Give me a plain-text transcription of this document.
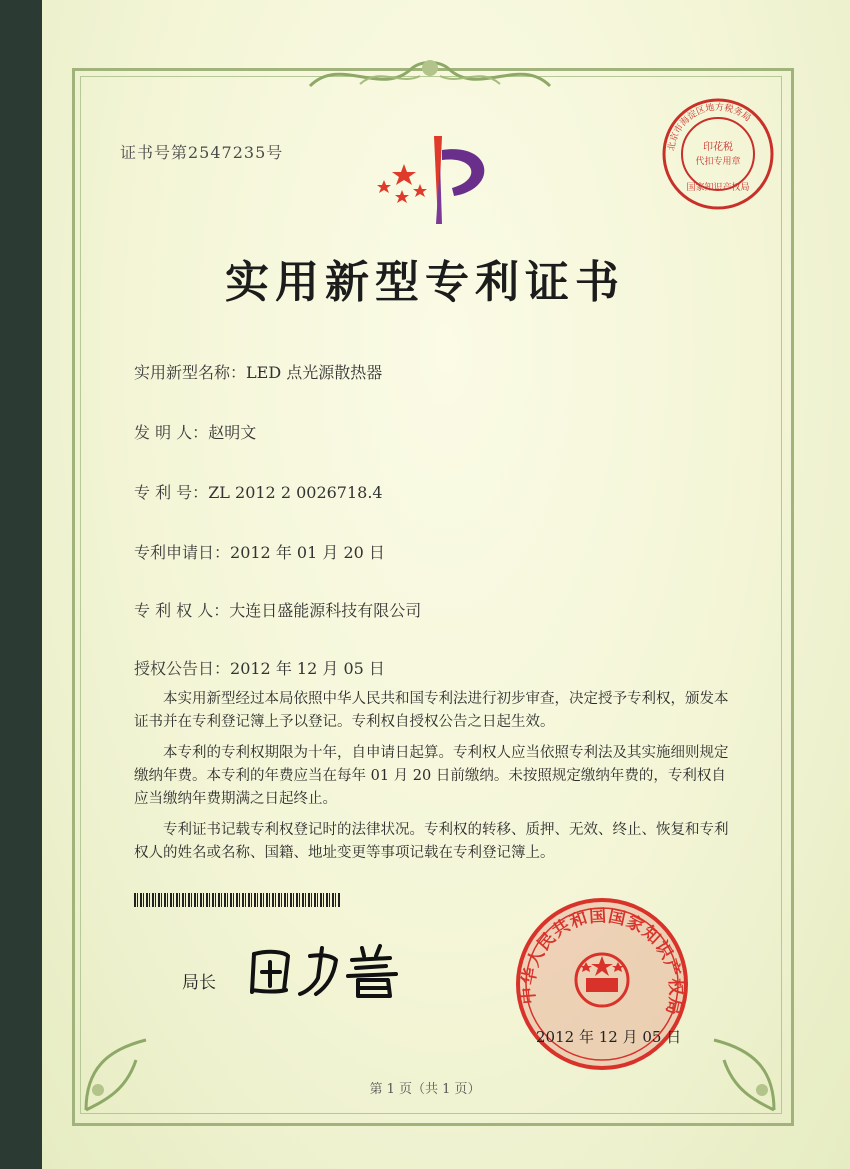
证书号第2547235号	北京市海淀区地方税务局
印花税
代扣专用章
国家知识产权局
实用新型专利证书
实用新型名称：LED 点光源散热器
发 明 人：赵明文
专 利 号：ZL 2012 2 0026718.4
专利申请日：2012 年 01 月 20 日
专 利 权 人：大连日盛能源科技有限公司
授权公告日：2012 年 12 月 05 日

本实用新型经过本局依照中华人民共和国专利法进行初步审查，决定授予专利权，颁发本证书并在专利登记簿上予以登记。专利权自授权公告之日起生效。

本专利的专利权期限为十年，自申请日起算。专利权人应当依照专利法及其实施细则规定缴纳年费。本专利的年费应当在每年 01 月 20 日前缴纳。未按照规定缴纳年费的，专利权自应当缴纳年费期满之日起终止。

专利证书记载专利权登记时的法律状况。专利权的转移、质押、无效、终止、恢复和专利权人的姓名或名称、国籍、地址变更等事项记载在专利登记簿上。

局长
中华人民共和国国家知识产权局
2012 年 12 月 05 日
第 1 页（共 1 页）
